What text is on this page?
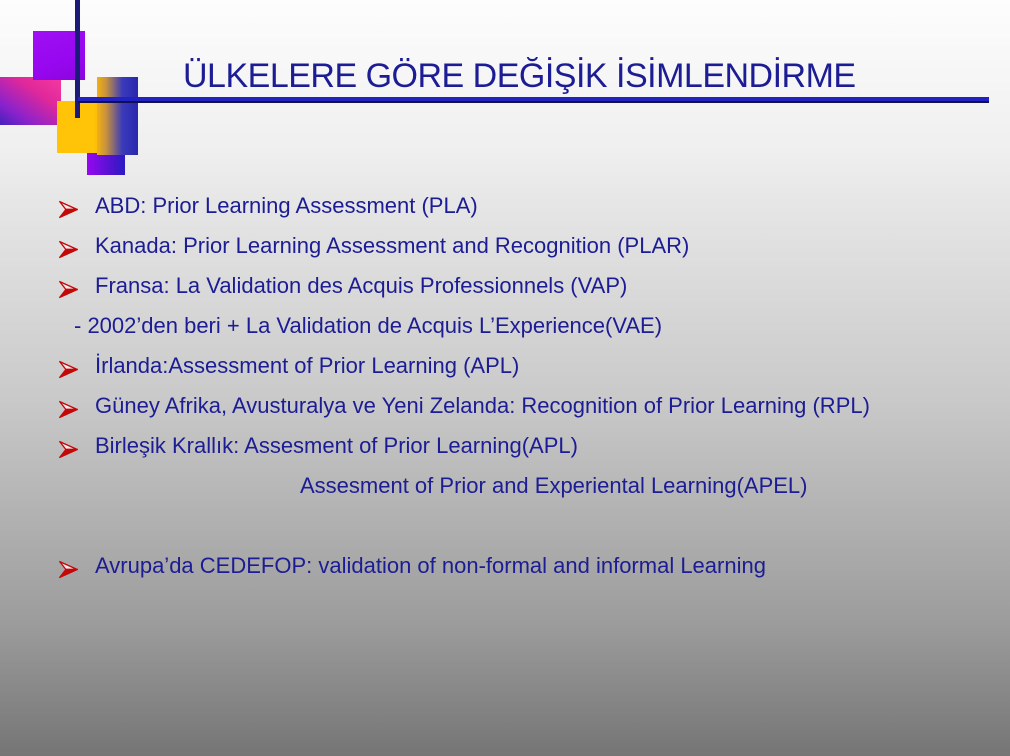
ÜLKELERE GÖRE DEĞİŞİK İSİMLENDİRME
ABD: Prior Learning Assessment (PLA)
Kanada: Prior Learning Assessment and Recognition (PLAR)
Fransa: La Validation des Acquis Professionnels (VAP)
- 2002’den beri + La Validation de Acquis L’Experience(VAE)
İrlanda:Assessment of Prior Learning (APL)
Güney Afrika, Avusturalya ve Yeni Zelanda: Recognition of Prior Learning (RPL)
Birleşik Krallık: Assesment of Prior Learning(APL)
Assesment of Prior and Experiental Learning(APEL)
Avrupa’da CEDEFOP: validation of non-formal and informal Learning
